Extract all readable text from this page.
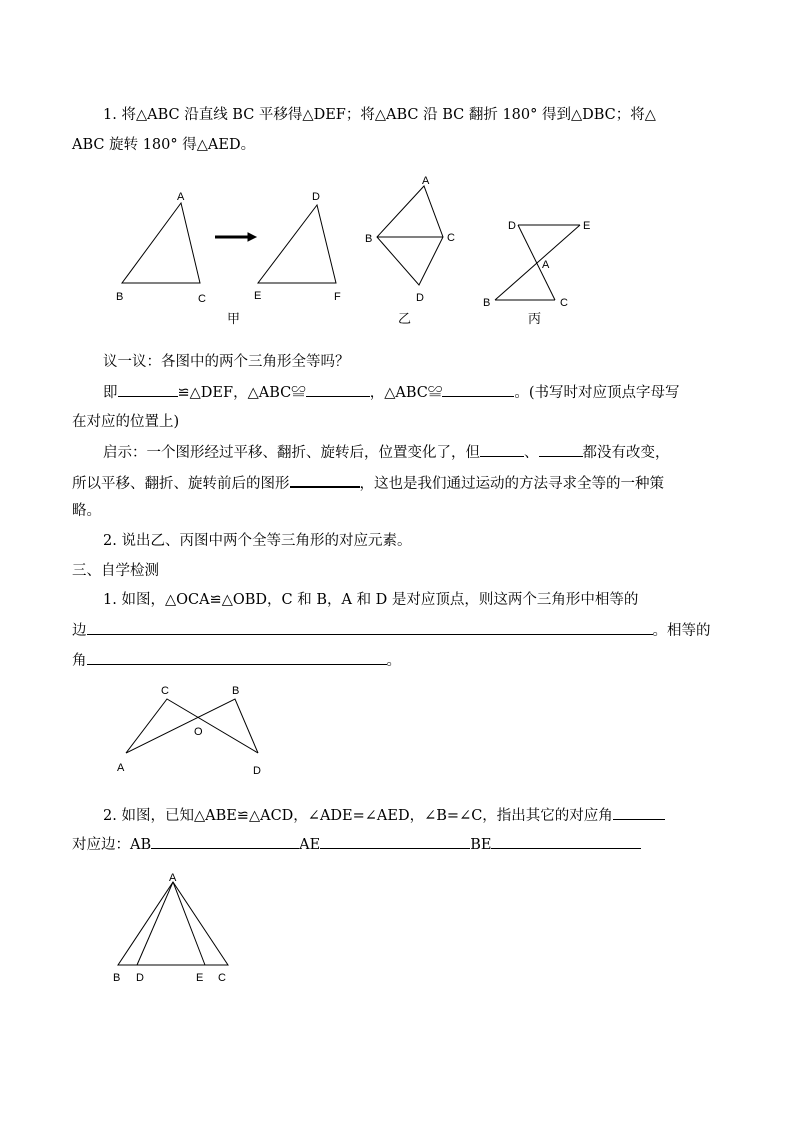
1. 将△ABC 沿直线 BC 平移得△DEF；将△ABC 沿 BC 翻折 180° 得到△DBC；将△

ABC 旋转 180° 得△AED。

A
B	C
D
E	F
甲
A
B	C
D
乙
D	E
A
B	C
丙

议一议：各图中的两个三角形全等吗？

即	≌△DEF，△ABC≌	，△ABC≌	。(书写时对应顶点字母写

在对应的位置上)

启示：一个图形经过平移、翻折、旋转后，位置变化了，但	、	都没有改变，

所以平移、翻折、旋转前后的图形	，这也是我们通过运动的方法寻求全等的一种策

略。

2. 说出乙、丙图中两个全等三角形的对应元素。

三、自学检测

1. 如图，△OCA≌△OBD，C 和 B，A 和 D 是对应顶点，则这两个三角形中相等的

边	。相等的

角	。

C	B
O
A	D

2. 如图，已知△ABE≌△ACD，∠ADE=∠AED，∠B=∠C，指出其它的对应角

对应边：AB	AE	BE

A
B D	E C
